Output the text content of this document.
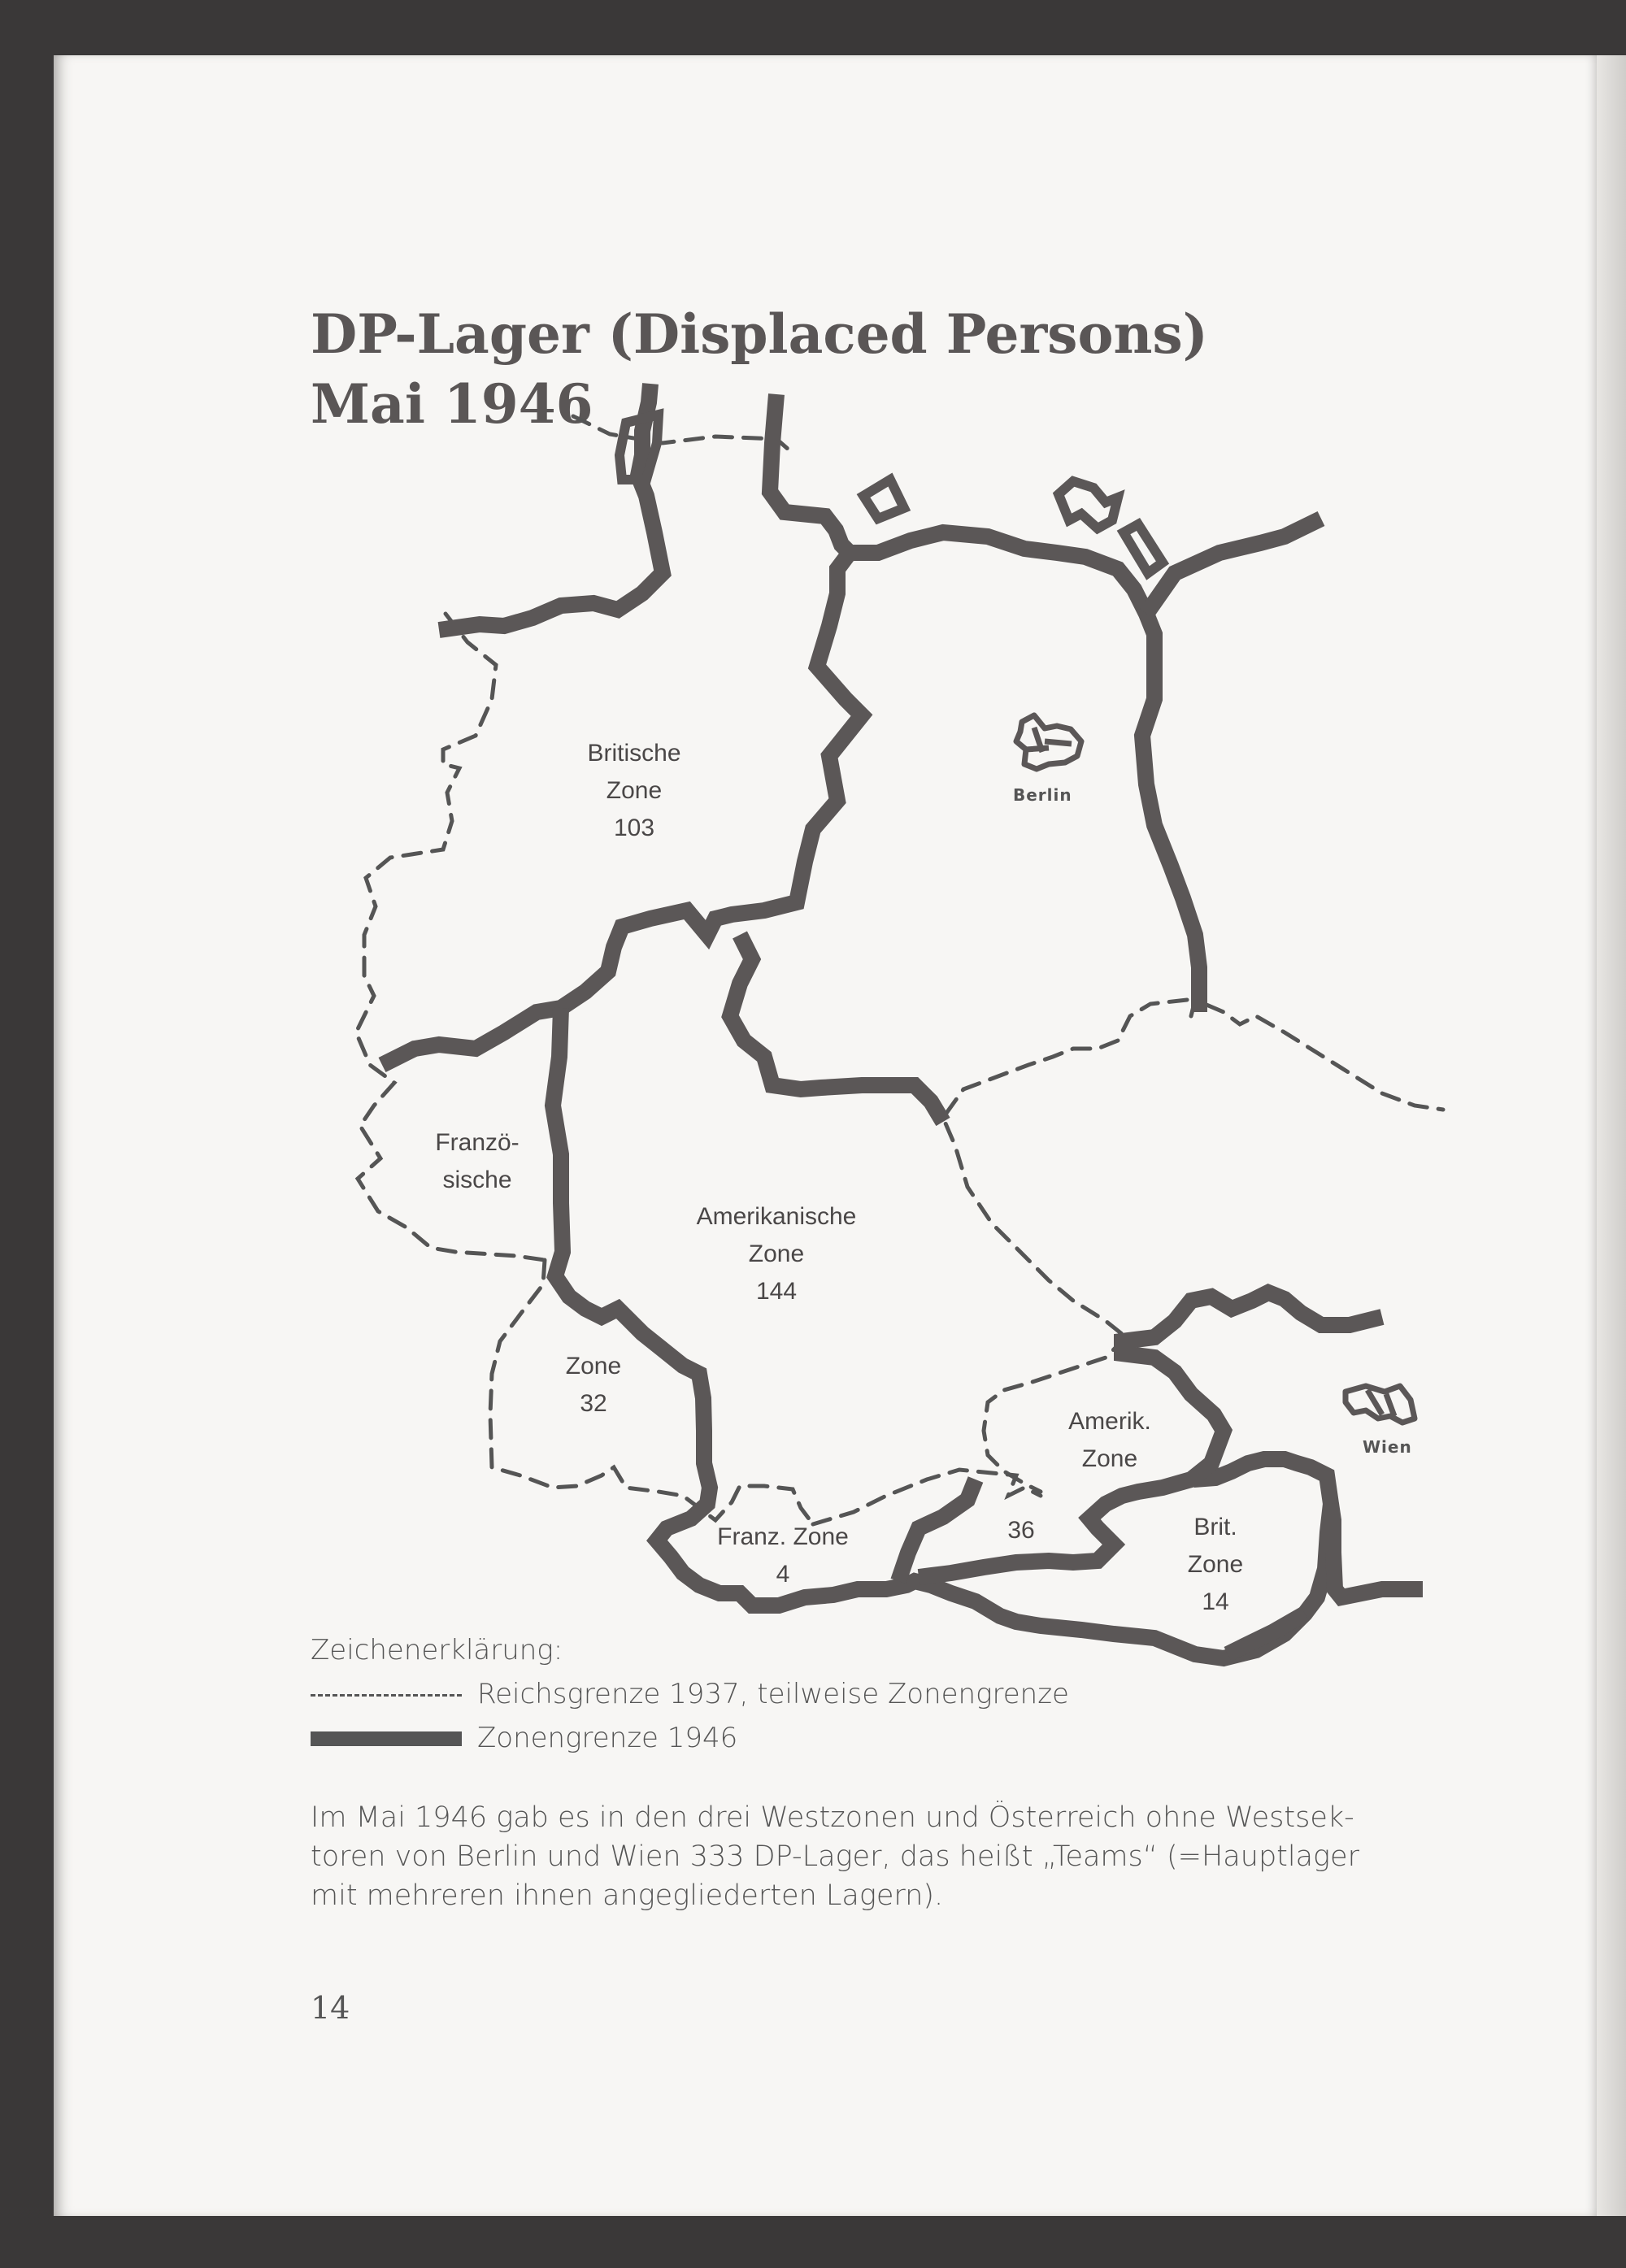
DP-Lager (Displaced Persons)
Mai 1946
Britische
Zone
103
Franzö-
sische
Amerikanische
Zone
144
Zone
32
Franz. Zone
4
Amerik.
Zone
36	Brit.
Zone
14
Berlin
Wien
Zeichenerklärung:
Reichsgrenze 1937, teilweise Zonengrenze
Zonengrenze 1946
Im Mai 1946 gab es in den drei Westzonen und Österreich ohne Westsek-
toren von Berlin und Wien 333 DP-Lager, das heißt „Teams“ (=Hauptlager
mit mehreren ihnen angegliederten Lagern).
14
